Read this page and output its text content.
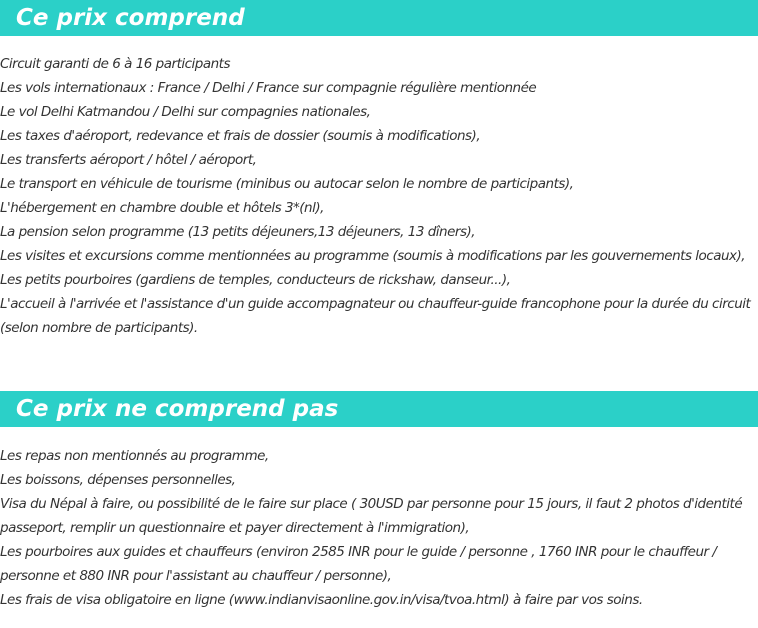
Ce prix comprend
Circuit garanti de 6 à 16 participants
Les vols internationaux : France / Delhi / France sur compagnie régulière mentionnée
Le vol Delhi Katmandou / Delhi sur compagnies nationales,
Les taxes d'aéroport, redevance et frais de dossier (soumis à modifications),
Les transferts aéroport / hôtel / aéroport,
Le transport en véhicule de tourisme (minibus ou autocar selon le nombre de participants),
L'hébergement en chambre double et hôtels 3*(nl),
La pension selon programme (13 petits déjeuners,13 déjeuners, 13 dîners),
Les visites et excursions comme mentionnées au programme (soumis à modifications par les gouvernements locaux),
Les petits pourboires (gardiens de temples, conducteurs de rickshaw, danseur...),
L'accueil à l'arrivée et l'assistance d'un guide accompagnateur ou chauffeur-guide francophone pour la durée du circuit (selon nombre de participants).
Ce prix ne comprend pas
Les repas non mentionnés au programme,
Les boissons, dépenses personnelles,
Visa du Népal à faire, ou possibilité de le faire sur place ( 30USD par personne pour 15 jours, il faut 2 photos d'identité passeport, remplir un questionnaire et payer directement à l'immigration),
Les pourboires aux guides et chauffeurs (environ 2585 INR pour le guide / personne , 1760 INR pour le chauffeur / personne et 880 INR pour l'assistant au chauffeur / personne),
Les frais de visa obligatoire en ligne (www.indianvisaonline.gov.in/visa/tvoa.html) à faire par vos soins.
